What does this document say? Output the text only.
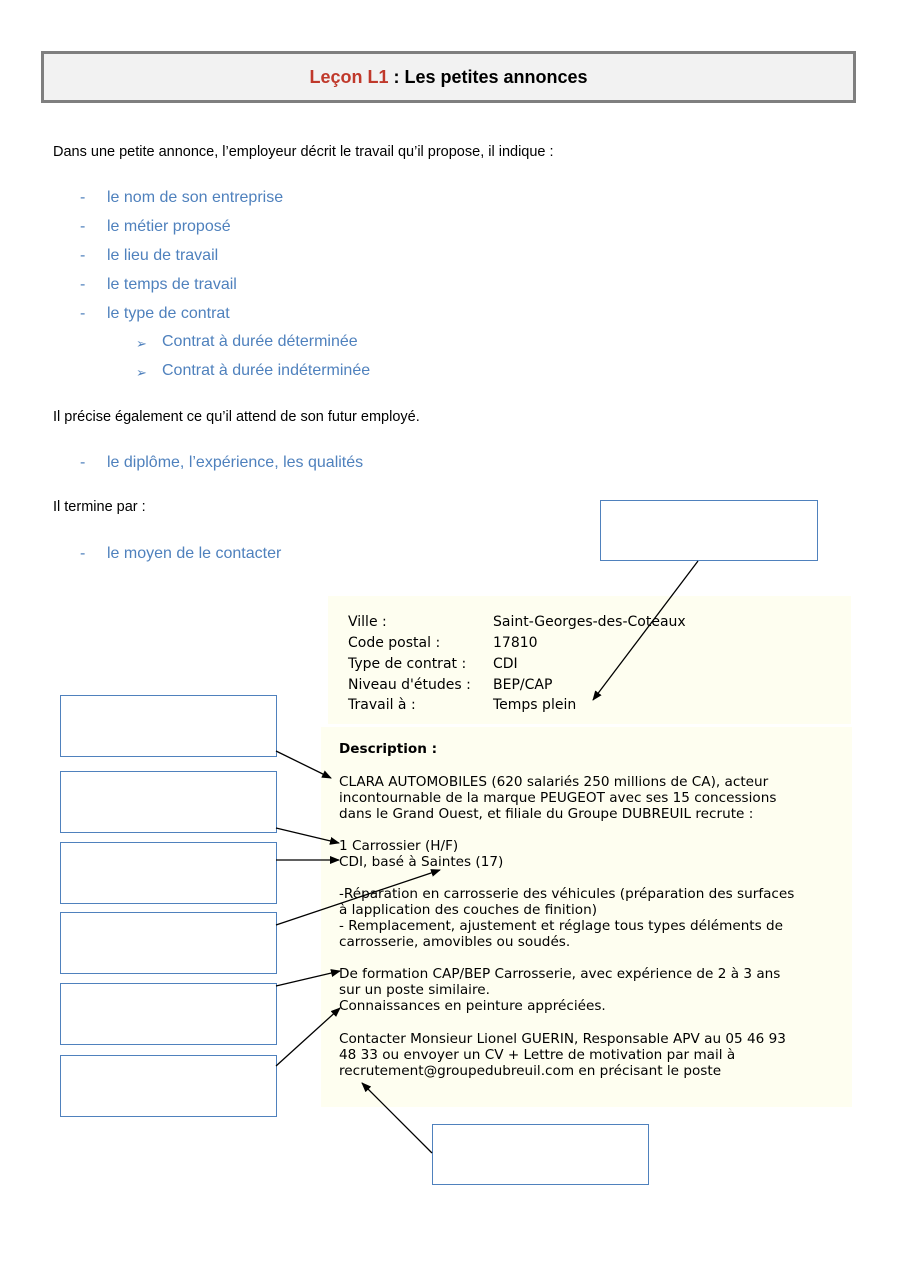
Leçon L1 : Les petites annonces
Dans une petite annonce, l’employeur décrit le travail qu’il propose, il indique :
- le nom de son entreprise
- le métier proposé
- le lieu de travail
- le temps de travail
- le type de contrat
➢ Contrat à durée déterminée
➢ Contrat à durée indéterminée
Il précise également ce qu’il attend de son futur employé.
- le diplôme, l’expérience, les qualités
Il termine par :
- le moyen de le contacter
Ville :	Saint-Georges-des-Coteaux
Code postal :	17810
Type de contrat : CDI
Niveau d'études : BEP/CAP
Travail à :	Temps plein
Description :
CLARA AUTOMOBILES (620 salariés 250 millions de CA), acteur
incontournable de la marque PEUGEOT avec ses 15 concessions
dans le Grand Ouest, et filiale du Groupe DUBREUIL recrute :
1 Carrossier (H/F)
CDI, basé à Saintes (17)
-Réparation en carrosserie des véhicules (préparation des surfaces
à lapplication des couches de finition)
- Remplacement, ajustement et réglage tous types déléments de
carrosserie, amovibles ou soudés.
De formation CAP/BEP Carrosserie, avec expérience de 2 à 3 ans
sur un poste similaire.
Connaissances en peinture appréciées.
Contacter Monsieur Lionel GUERIN, Responsable APV au 05 46 93
48 33 ou envoyer un CV + Lettre de motivation par mail à
recrutement@groupedubreuil.com en précisant le poste
